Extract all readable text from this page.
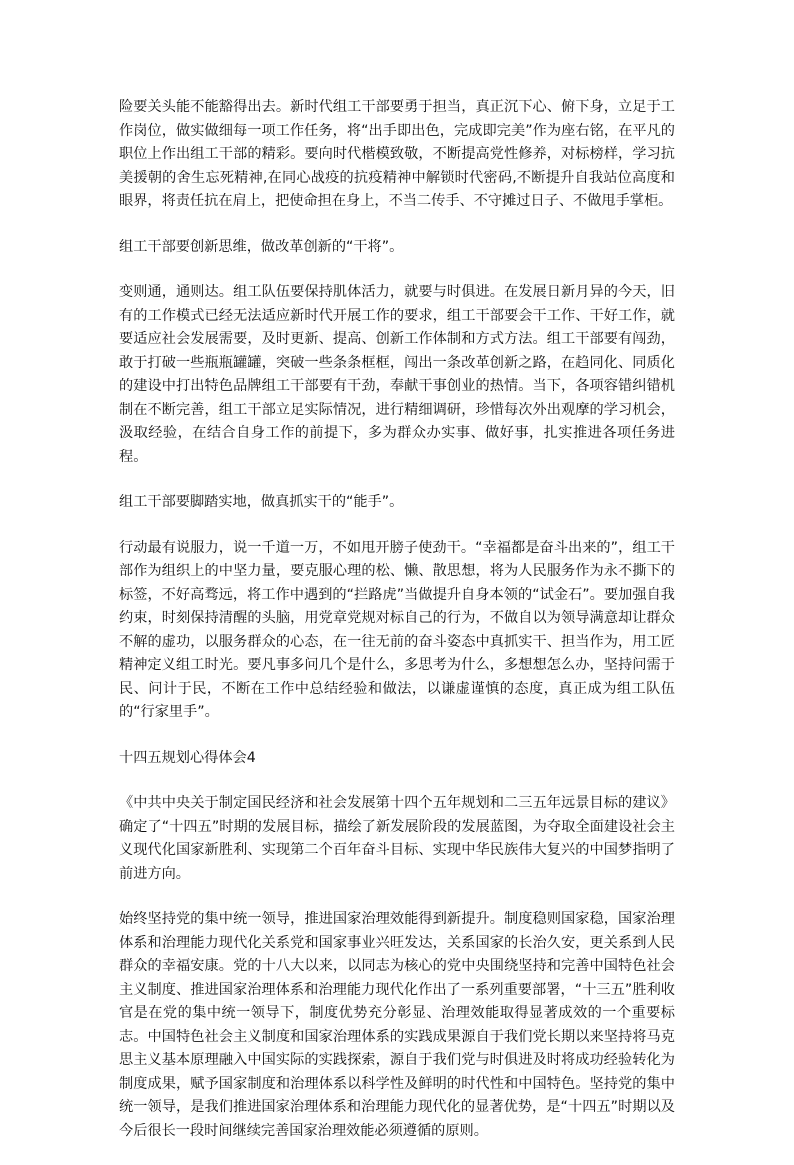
险要关头能不能豁得出去。新时代组工干部要勇于担当，真正沉下心、俯下身，立足于工作岗位，做实做细每一项工作任务，将“出手即出色，完成即完美”作为座右铭，在平凡的职位上作出组工干部的精彩。要向时代楷模致敬，不断提高党性修养，对标榜样，学习抗美援朝的舍生忘死精神,在同心战疫的抗疫精神中解锁时代密码,不断提升自我站位高度和眼界，将责任抗在肩上，把使命担在身上，不当二传手、不守摊过日子、不做甩手掌柜。

组工干部要创新思维，做改革创新的“干将”。

变则通，通则达。组工队伍要保持肌体活力，就要与时俱进。在发展日新月异的今天，旧有的工作模式已经无法适应新时代开展工作的要求，组工干部要会干工作、干好工作，就要适应社会发展需要，及时更新、提高、创新工作体制和方式方法。组工干部要有闯劲，敢于打破一些瓶瓶罐罐，突破一些条条框框，闯出一条改革创新之路，在趋同化、同质化的建设中打出特色品牌组工干部要有干劲，奉献干事创业的热情。当下，各项容错纠错机制在不断完善，组工干部立足实际情况，进行精细调研，珍惜每次外出观摩的学习机会，汲取经验，在结合自身工作的前提下，多为群众办实事、做好事，扎实推进各项任务进程。

组工干部要脚踏实地，做真抓实干的“能手”。

行动最有说服力，说一千道一万，不如甩开膀子使劲干。“幸福都是奋斗出来的”，组工干部作为组织上的中坚力量，要克服心理的松、懒、散思想，将为人民服务作为永不撕下的标签，不好高骛远，将工作中遇到的“拦路虎”当做提升自身本领的“试金石”。要加强自我约束，时刻保持清醒的头脑，用党章党规对标自己的行为，不做自以为领导满意却让群众不解的虚功，以服务群众的心态，在一往无前的奋斗姿态中真抓实干、担当作为，用工匠精神定义组工时光。要凡事多问几个是什么，多思考为什么，多想想怎么办，坚持问需于民、问计于民，不断在工作中总结经验和做法，以谦虚谨慎的态度，真正成为组工队伍的“行家里手”。

十四五规划心得体会4

《中共中央关于制定国民经济和社会发展第十四个五年规划和二三五年远景目标的建议》确定了“十四五”时期的发展目标，描绘了新发展阶段的发展蓝图，为夺取全面建设社会主义现代化国家新胜利、实现第二个百年奋斗目标、实现中华民族伟大复兴的中国梦指明了前进方向。

始终坚持党的集中统一领导，推进国家治理效能得到新提升。制度稳则国家稳，国家治理体系和治理能力现代化关系党和国家事业兴旺发达，关系国家的长治久安，更关系到人民群众的幸福安康。党的十八大以来，以同志为核心的党中央围绕坚持和完善中国特色社会主义制度、推进国家治理体系和治理能力现代化作出了一系列重要部署，“十三五”胜利收官是在党的集中统一领导下，制度优势充分彰显、治理效能取得显著成效的一个重要标志。中国特色社会主义制度和国家治理体系的实践成果源自于我们党长期以来坚持将马克思主义基本原理融入中国实际的实践探索，源自于我们党与时俱进及时将成功经验转化为制度成果，赋予国家制度和治理体系以科学性及鲜明的时代性和中国特色。坚持党的集中统一领导，是我们推进国家治理体系和治理能力现代化的显著优势，是“十四五”时期以及今后很长一段时间继续完善国家治理效能必须遵循的原则。
